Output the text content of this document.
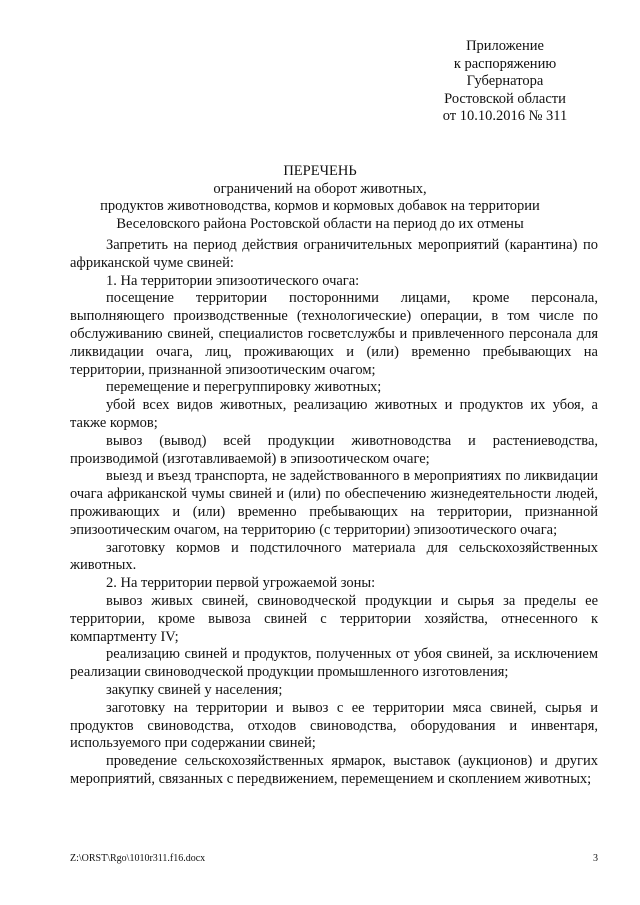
Приложение
к распоряжению
Губернатора
Ростовской области
от 10.10.2016 № 311
ПЕРЕЧЕНЬ
ограничений на оборот животных,
продуктов животноводства, кормов и кормовых добавок на территории
Веселовского района Ростовской области на период до их отмены

Запретить на период действия ограничительных мероприятий (карантина) по африканской чуме свиней:

1. На территории эпизоотического очага:

посещение территории посторонними лицами, кроме персонала, выполняющего производственные (технологические) операции, в том числе по обслуживанию свиней, специалистов госветслужбы и привлеченного персонала для ликвидации очага, лиц, проживающих и (или) временно пребывающих на территории, признанной эпизоотическим очагом;

перемещение и перегруппировку животных;

убой всех видов животных, реализацию животных и продуктов их убоя, а также кормов;

вывоз (вывод) всей продукции животноводства и растениеводства, производимой (изготавливаемой) в эпизоотическом очаге;

выезд и въезд транспорта, не задействованного в мероприятиях по ликвидации очага африканской чумы свиней и (или) по обеспечению жизнедеятельности людей, проживающих и (или) временно пребывающих на территории, признанной эпизоотическим очагом, на территорию (с территории) эпизоотического очага;

заготовку кормов и подстилочного материала для сельскохозяйственных животных.

2. На территории первой угрожаемой зоны:

вывоз живых свиней, свиноводческой продукции и сырья за пределы ее территории, кроме вывоза свиней с территории хозяйства, отнесенного к компартменту IV;

реализацию свиней и продуктов, полученных от убоя свиней, за исключением реализации свиноводческой продукции промышленного изготовления;

закупку свиней у населения;

заготовку на территории и вывоз с ее территории мяса свиней, сырья и продуктов свиноводства, отходов свиноводства, оборудования и инвентаря, используемого при содержании свиней;

проведение сельскохозяйственных ярмарок, выставок (аукционов) и других мероприятий, связанных с передвижением, перемещением и скоплением животных;

Z:\ORST\Rgo\1010r311.f16.docx	3
